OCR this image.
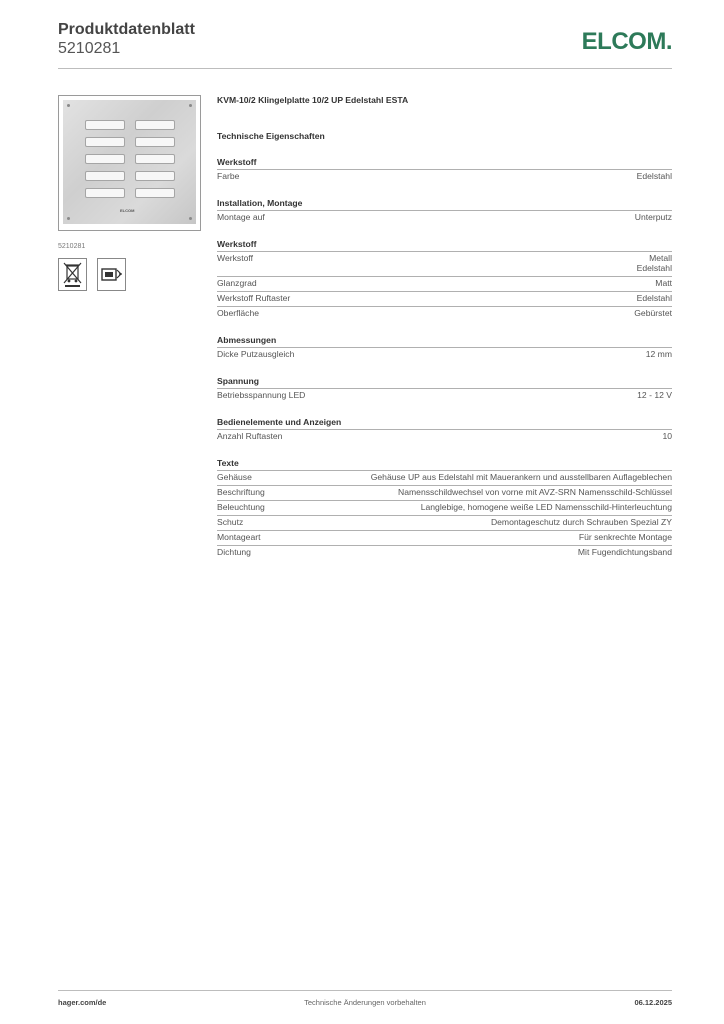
Produktdatenblatt
5210281	ELCOM.
ELCOM
5210281
KVM-10/2 Klingelplatte 10/2 UP Edelstahl ESTA
Technische Eigenschaften
Werkstoff
Farbe	Edelstahl
Installation, Montage
Montage auf	Unterputz
Werkstoff
Werkstoff	Metall
Edelstahl
Glanzgrad	Matt
Werkstoff Ruftaster	Edelstahl
Oberfläche	Gebürstet
Abmessungen
Dicke Putzausgleich	12 mm
Spannung
Betriebsspannung LED	12 - 12 V
Bedienelemente und Anzeigen
Anzahl Ruftasten	10
Texte
Gehäuse	Gehäuse UP aus Edelstahl mit Mauerankern und ausstellbaren Auflageblechen
Beschriftung	Namensschildwechsel von vorne mit AVZ-SRN Namensschild-Schlüssel
Beleuchtung	Langlebige, homogene weiße LED Namensschild-Hinterleuchtung
Schutz	Demontageschutz durch Schrauben Spezial ZY
Montageart	Für senkrechte Montage
Dichtung	Mit Fugendichtungsband
hager.com/de	Technische Änderungen vorbehalten	06.12.2025
